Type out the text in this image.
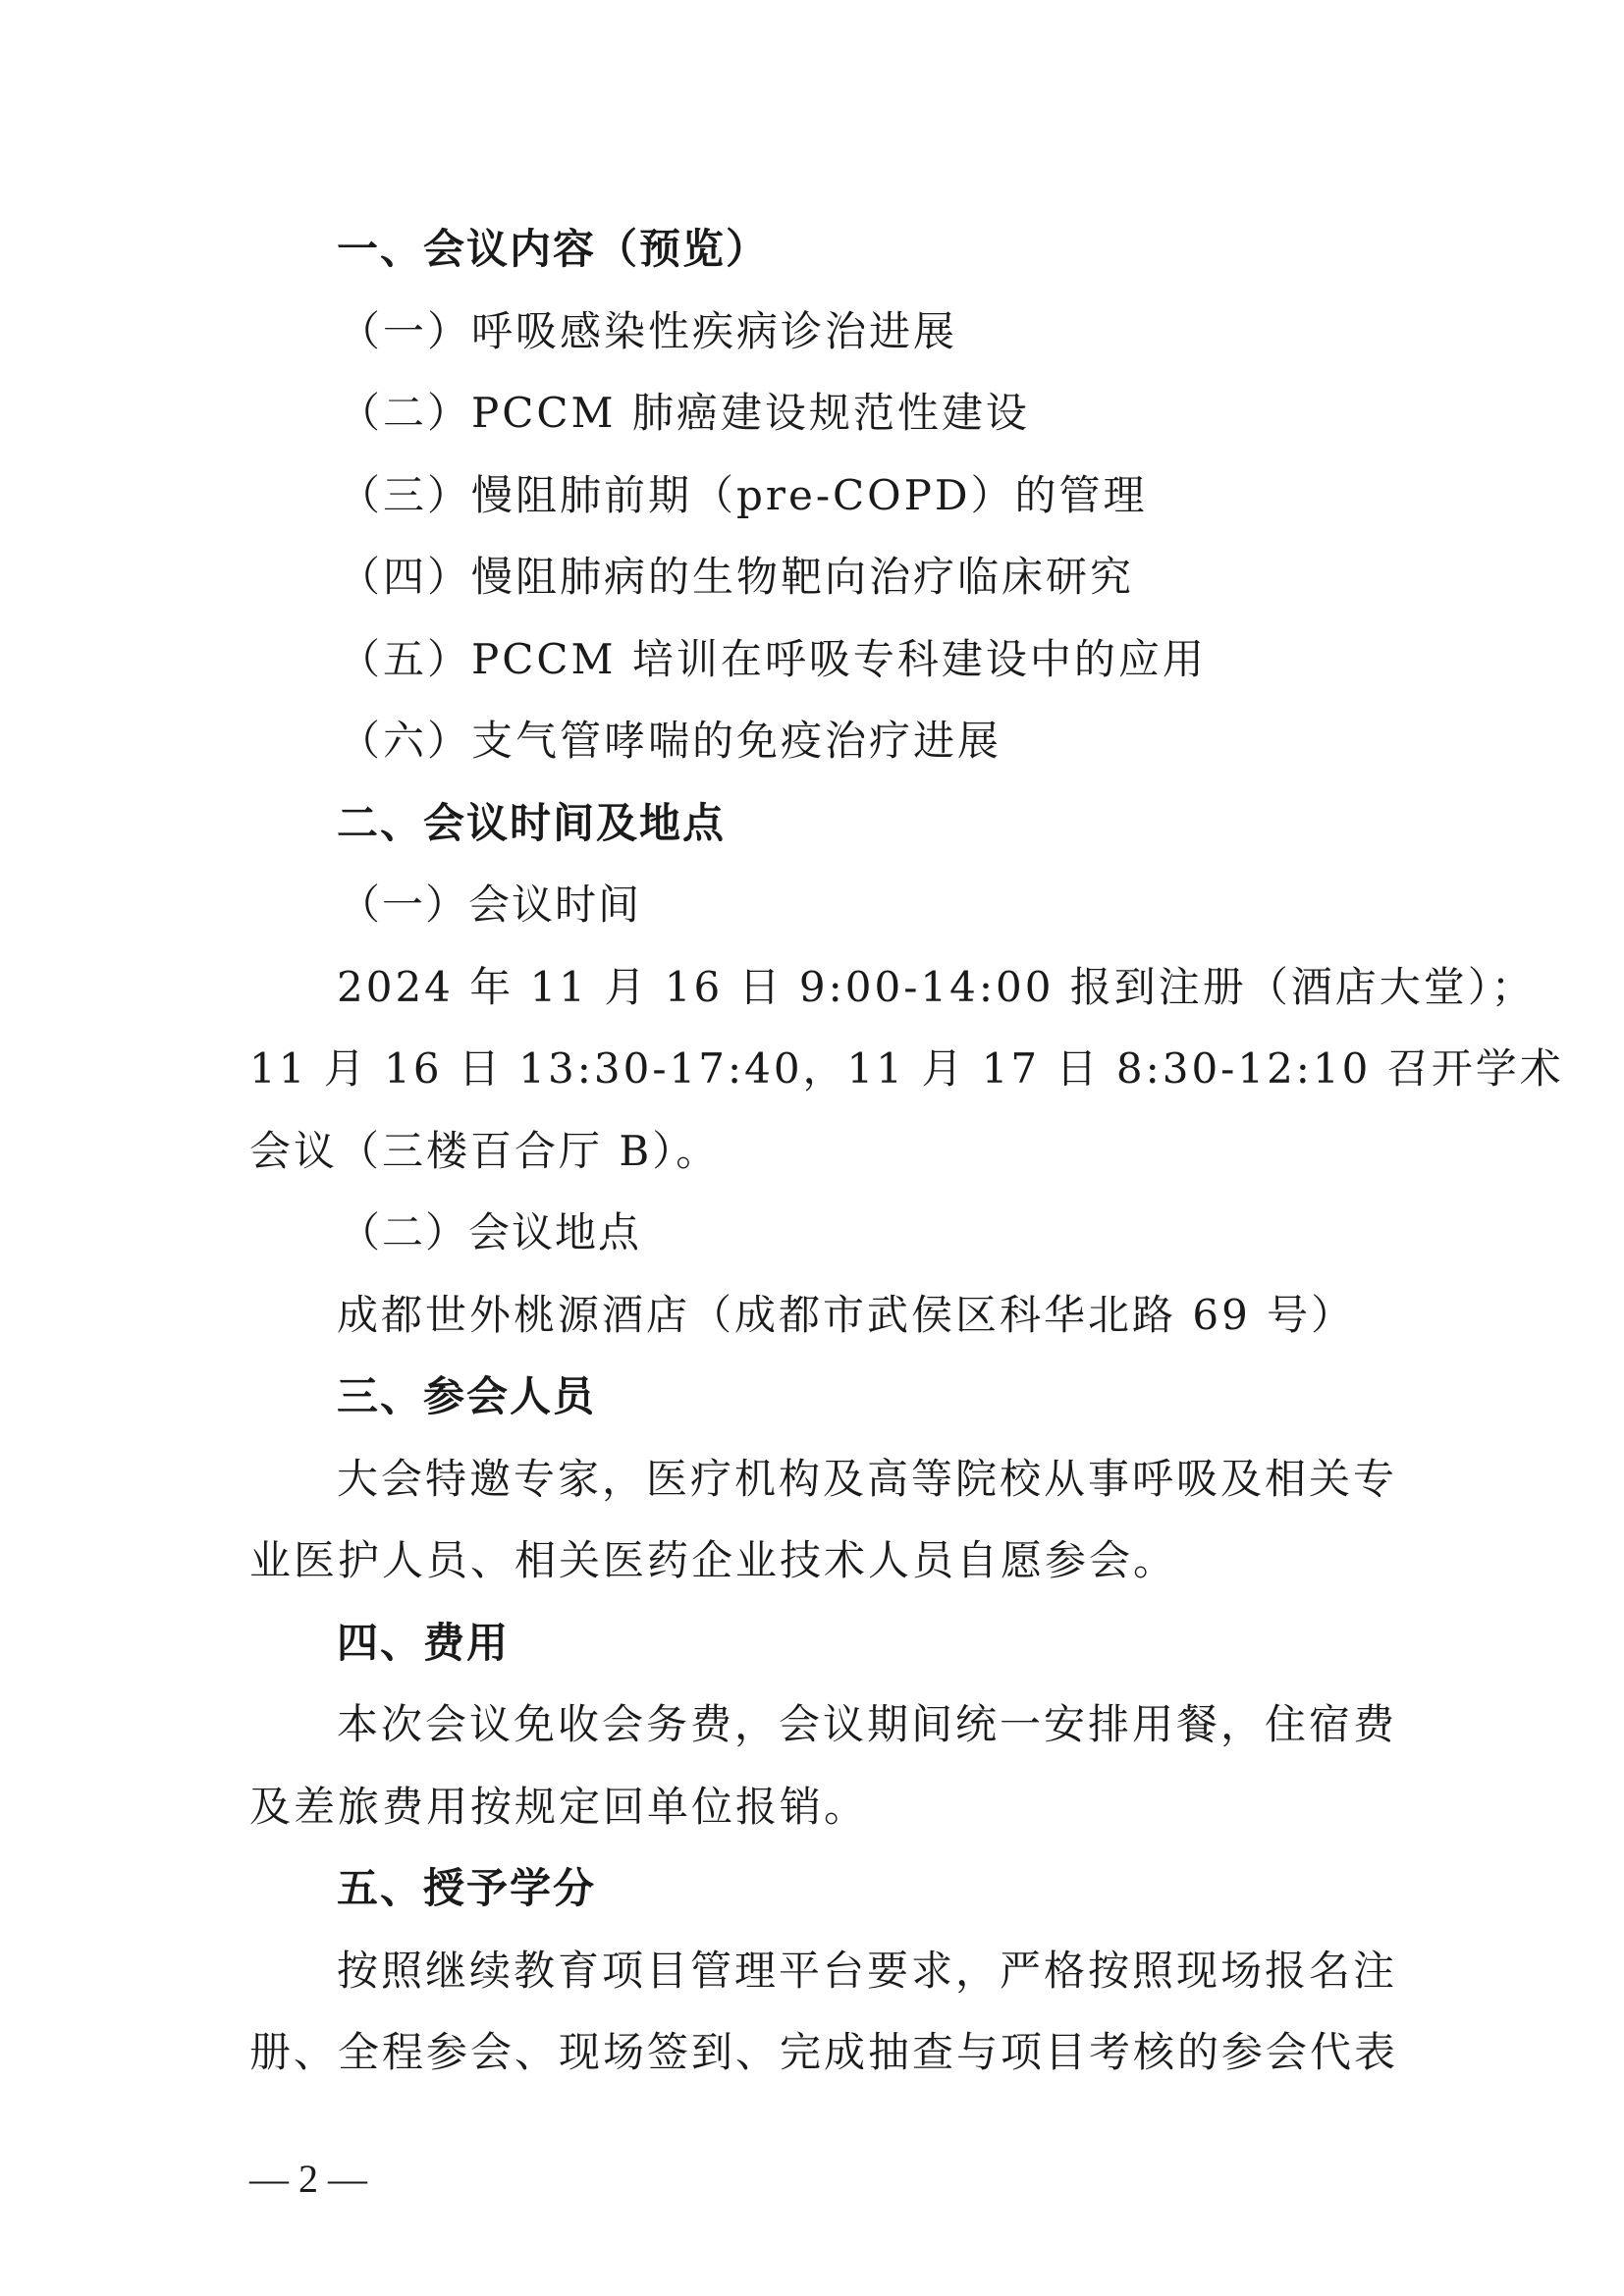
一、会议内容（预览）
（一）呼吸感染性疾病诊治进展
（二）PCCM 肺癌建设规范性建设
（三）慢阻肺前期（pre-COPD）的管理
（四）慢阻肺病的生物靶向治疗临床研究
（五）PCCM 培训在呼吸专科建设中的应用
（六）支气管哮喘的免疫治疗进展
二、会议时间及地点
（一）会议时间
2024 年 11 月 16 日 9:00-14:00 报到注册（酒店大堂）；
11 月 16 日 13:30-17:40，11 月 17 日 8:30-12:10 召开学术
会议（三楼百合厅 B）。
（二）会议地点
成都世外桃源酒店（成都市武侯区科华北路 69 号）
三、参会人员
大会特邀专家，医疗机构及高等院校从事呼吸及相关专
业医护人员、相关医药企业技术人员自愿参会。
四、费用
本次会议免收会务费，会议期间统一安排用餐，住宿费
及差旅费用按规定回单位报销。
五、授予学分
按照继续教育项目管理平台要求，严格按照现场报名注
册、全程参会、现场签到、完成抽查与项目考核的参会代表
— 2 —
